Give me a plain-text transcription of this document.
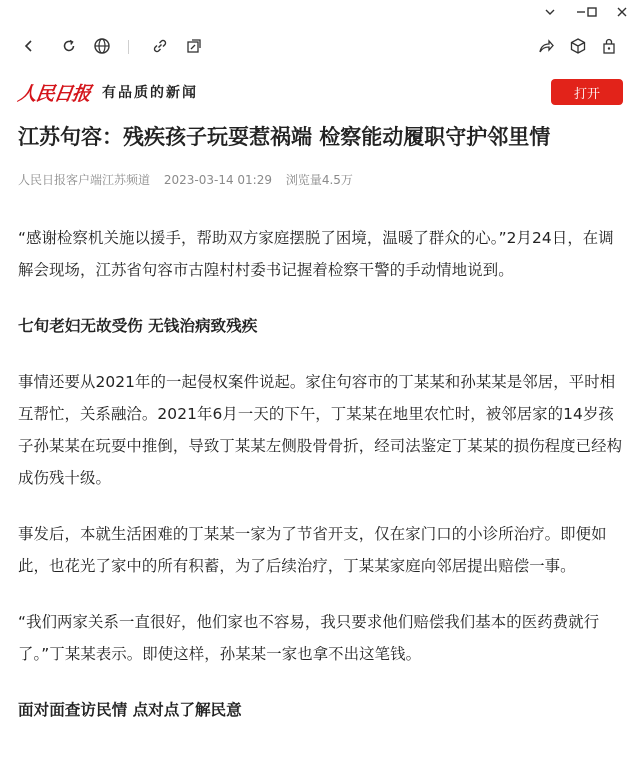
人民日报 有品质的新闻	打开
江苏句容：残疾孩子玩耍惹祸端 检察能动履职守护邻里情
人民日报客户端江苏频道 2023-03-14 01:29 浏览量4.5万

“感谢检察机关施以援手，帮助双方家庭摆脱了困境，温暖了群众的心。”2月24日，在调解会现场，江苏省句容市古隍村村委书记握着检察干警的手动情地说到。

七旬老妇无故受伤 无钱治病致残疾

事情还要从2021年的一起侵权案件说起。家住句容市的丁某某和孙某某是邻居，平时相互帮忙，关系融洽。2021年6月一天的下午，丁某某在地里农忙时，被邻居家的14岁孩子孙某某在玩耍中推倒，导致丁某某左侧股骨骨折，经司法鉴定丁某某的损伤程度已经构成伤残十级。

事发后，本就生活困难的丁某某一家为了节省开支，仅在家门口的小诊所治疗。即便如此，也花光了家中的所有积蓄，为了后续治疗，丁某某家庭向邻居提出赔偿一事。

“我们两家关系一直很好，他们家也不容易，我只要求他们赔偿我们基本的医药费就行了。”丁某某表示。即使这样，孙某某一家也拿不出这笔钱。

面对面查访民情 点对点了解民意
